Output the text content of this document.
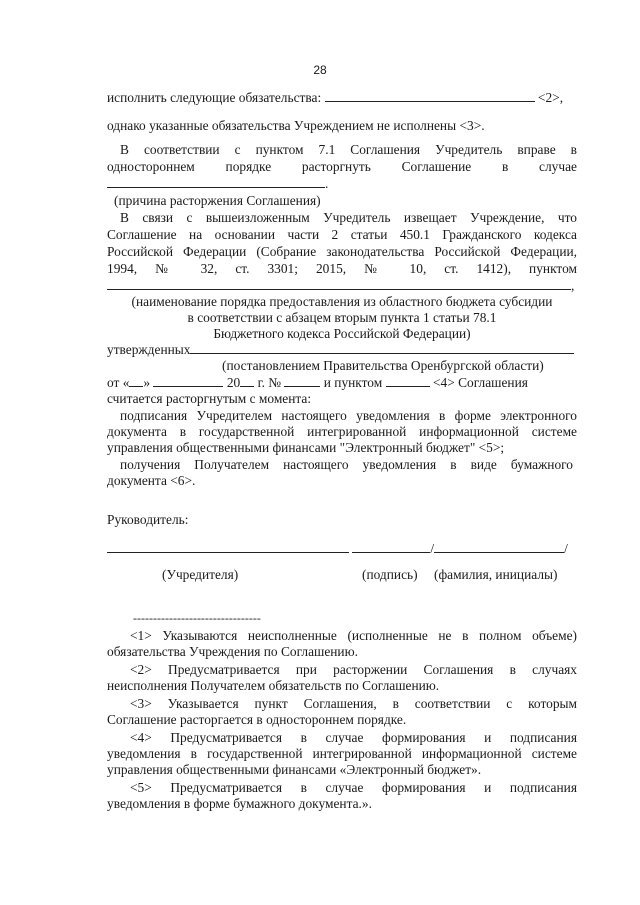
28
исполнить следующие обязательства:	<2>,
однако указанные обязательства Учреждением не исполнены <3>.
В соответствии с пунктом 7.1 Соглашения Учредитель вправе в
одностороннем порядке расторгнуть Соглашение в случае
.
(причина расторжения Соглашения)
В связи с вышеизложенным Учредитель извещает Учреждение, что
Соглашение на основании части 2 статьи 450.1 Гражданского кодекса
Российской Федерации (Собрание законодательства Российской Федерации,
1994, № 32, ст. 3301; 2015, № 10, ст. 1412), пунктом
,
(наименование порядка предоставления из областного бюджета субсидии
в соответствии с абзацем вторым пункта 1 статьи 78.1
Бюджетного кодекса Российской Федерации)
утвержденных
(постановлением Правительства Оренбургской области)
от « »	20 г. №	и пунктом	<4> Соглашения
считается расторгнутым с момента:
подписания Учредителем настоящего уведомления в форме электронного
документа в государственной интегрированной информационной системе
управления общественными финансами "Электронный бюджет" <5>;
получения Получателем настоящего уведомления в виде бумажного
документа <6>.
Руководитель:
/	/
(Учредителя)	(подпись)	(фамилия, инициалы)
--------------------------------
<1> Указываются неисполненные (исполненные не в полном объеме)
обязательства Учреждения по Соглашению.
<2> Предусматривается при расторжении Соглашения в случаях
неисполнения Получателем обязательств по Соглашению.
<3> Указывается пункт Соглашения, в соответствии с которым
Соглашение расторгается в одностороннем порядке.
<4> Предусматривается в случае формирования и подписания
уведомления в государственной интегрированной информационной системе
управления общественными финансами «Электронный бюджет».
<5> Предусматривается в случае формирования и подписания
уведомления в форме бумажного документа.».
